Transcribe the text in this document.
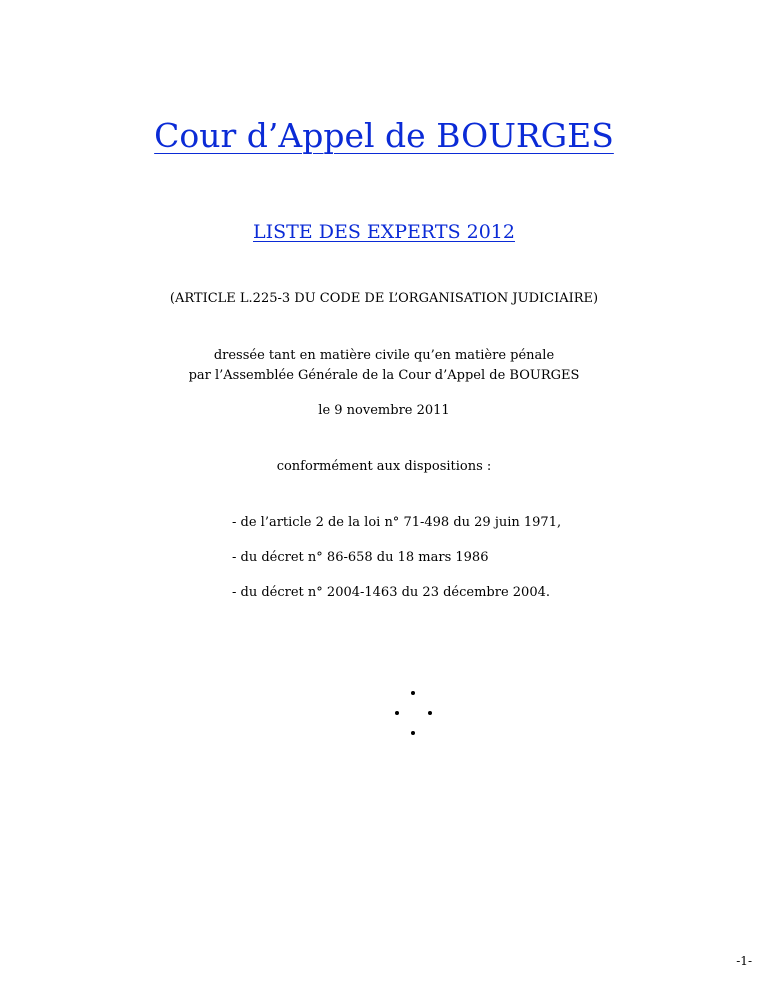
Cour d’Appel de BOURGES
LISTE DES EXPERTS 2012
(ARTICLE L.225-3 DU CODE DE L’ORGANISATION JUDICIAIRE)
dressée tant en matière civile qu’en matière pénale
par l’Assemblée Générale de la Cour d’Appel de BOURGES
le 9 novembre 2011
conformément aux dispositions :
- de l’article 2 de la loi n° 71-498 du 29 juin 1971,
- du décret n° 86-658 du 18 mars 1986
- du décret n° 2004-1463 du 23 décembre 2004.
-1-
